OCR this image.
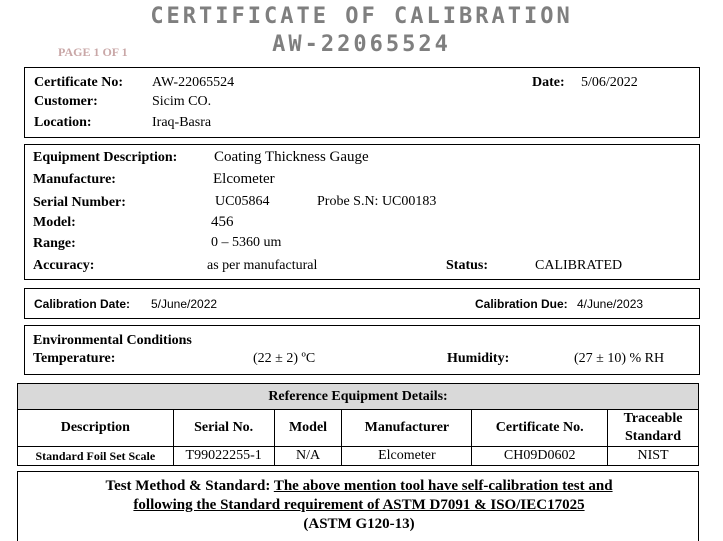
CERTIFICATE OF CALIBRATION
AW-22065524
PAGE 1 OF 1
Certificate No: AW-22065524	Date: 5/06/2022
Customer:	Sicim CO.
Location:	Iraq-Basra
Equipment Description: Coating Thickness Gauge
Manufacture:	Elcometer
Serial Number:	UC05864	Probe S.N: UC00183
Model:	456
Range:	0 – 5360 um
Accuracy:	as per manufactural	Status:	CALIBRATED
Calibration Date: 5/June/2022	Calibration Due: 4/June/2023
Environmental Conditions
Temperature:	(22 ± 2) ºC	Humidity:	(27 ± 10) % RH
Reference Equipment Details:					
Description	Serial No.	Model	Manufacturer	Certificate No.	Traceable Standard
Standard Foil Set Scale	T99022255-1	N/A	Elcometer	CH09D0602	NIST
Test Method & Standard: The above mention tool have self-calibration test and
following the Standard requirement of ASTM D7091 & ISO/IEC17025
(ASTM G120-13)
